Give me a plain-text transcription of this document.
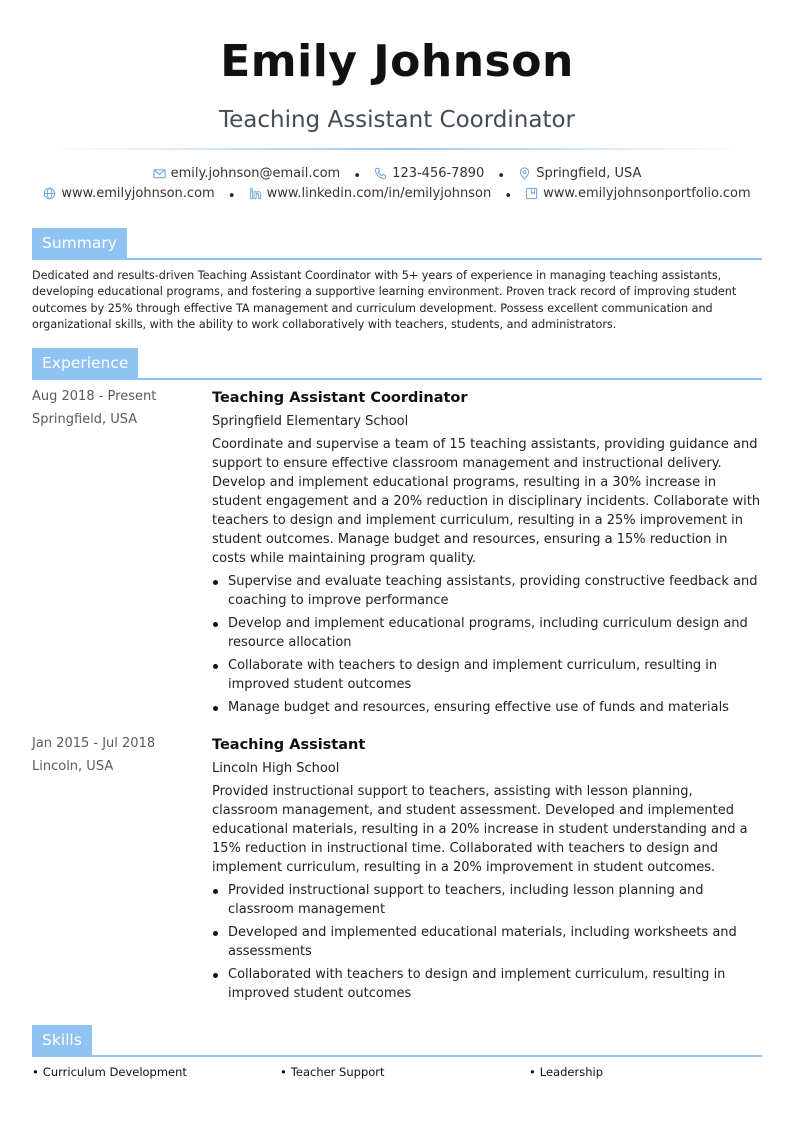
Emily Johnson
Teaching Assistant Coordinator
emily.johnson@email.com • 123-456-7890 • Springfield, USA
www.emilyjohnson.com • www.linkedin.com/in/emilyjohnson • www.emilyjohnsonportfolio.com
Summary
Dedicated and results-driven Teaching Assistant Coordinator with 5+ years of experience in managing teaching assistants, developing educational programs, and fostering a supportive learning environment. Proven track record of improving student outcomes by 25% through effective TA management and curriculum development. Possess excellent communication and organizational skills, with the ability to work collaboratively with teachers, students, and administrators.
Experience
Aug 2018 - Present
Springfield, USA
Teaching Assistant Coordinator
Springfield Elementary School
Coordinate and supervise a team of 15 teaching assistants, providing guidance and support to ensure effective classroom management and instructional delivery. Develop and implement educational programs, resulting in a 30% increase in student engagement and a 20% reduction in disciplinary incidents. Collaborate with teachers to design and implement curriculum, resulting in a 25% improvement in student outcomes. Manage budget and resources, ensuring a 15% reduction in costs while maintaining program quality.
Supervise and evaluate teaching assistants, providing constructive feedback and coaching to improve performance
Develop and implement educational programs, including curriculum design and resource allocation
Collaborate with teachers to design and implement curriculum, resulting in improved student outcomes
Manage budget and resources, ensuring effective use of funds and materials
Jan 2015 - Jul 2018
Lincoln, USA
Teaching Assistant
Lincoln High School
Provided instructional support to teachers, assisting with lesson planning, classroom management, and student assessment. Developed and implemented educational materials, resulting in a 20% increase in student understanding and a 15% reduction in instructional time. Collaborated with teachers to design and implement curriculum, resulting in a 20% improvement in student outcomes.
Provided instructional support to teachers, including lesson planning and classroom management
Developed and implemented educational materials, including worksheets and assessments
Collaborated with teachers to design and implement curriculum, resulting in improved student outcomes
Skills
• Curriculum Development	• Teacher Support	• Leadership
